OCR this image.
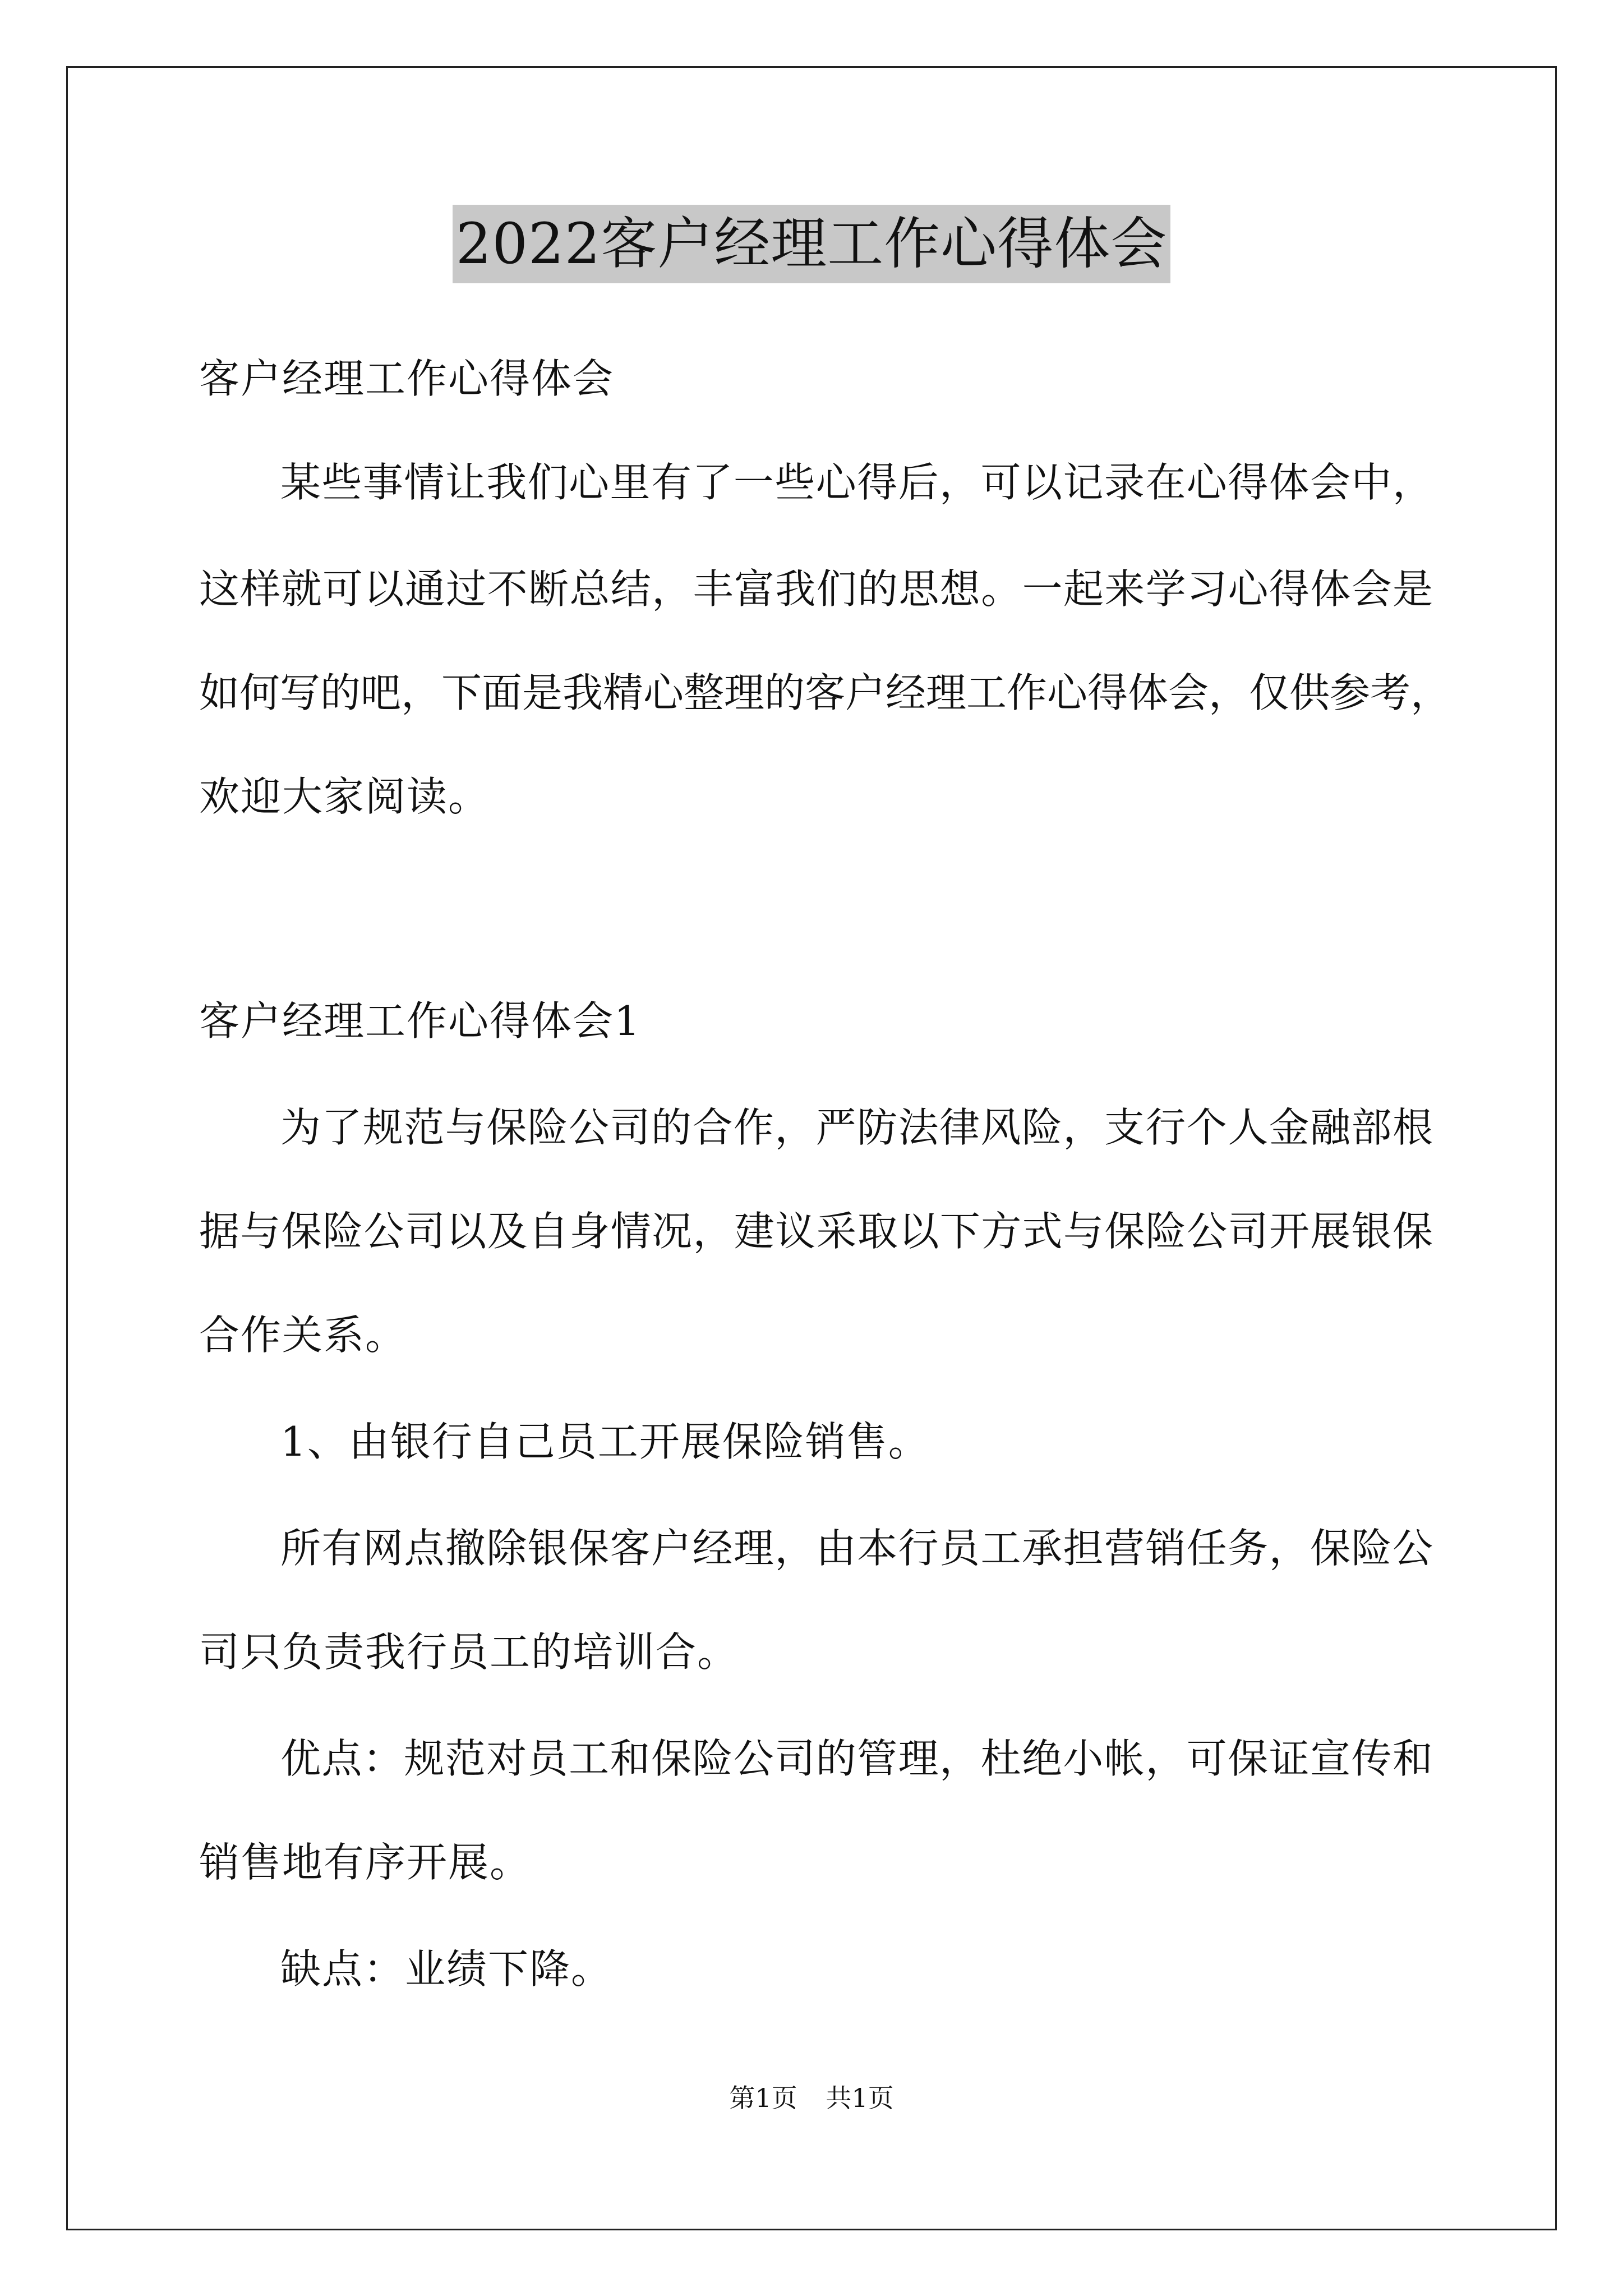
2022客户经理工作心得体会
客户经理工作心得体会
某些事情让我们心里有了一些心得后，可以记录在心得体会中，
这样就可以通过不断总结，丰富我们的思想。一起来学习心得体会是
如何写的吧，下面是我精心整理的客户经理工作心得体会，仅供参考，
欢迎大家阅读。
客户经理工作心得体会1
为了规范与保险公司的合作，严防法律风险，支行个人金融部根
据与保险公司以及自身情况，建议采取以下方式与保险公司开展银保
合作关系。
1、由银行自己员工开展保险销售。
所有网点撤除银保客户经理，由本行员工承担营销任务，保险公
司只负责我行员工的培训合。
优点：规范对员工和保险公司的管理，杜绝小帐，可保证宣传和
销售地有序开展。
缺点：业绩下降。
第1页 共1页
